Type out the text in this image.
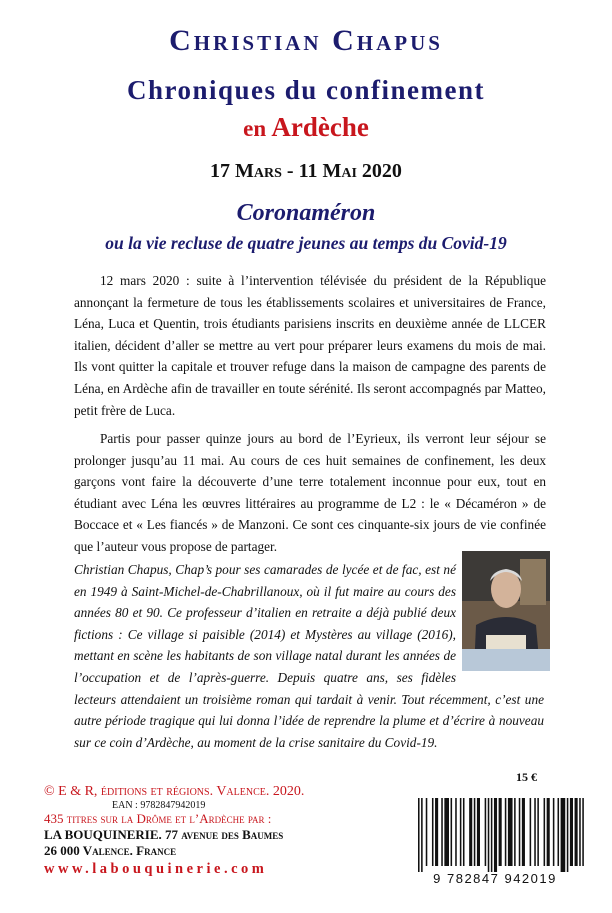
Christian Chapus
Chroniques du confinement
en Ardèche
17 Mars - 11 Mai 2020
Coronaméron
ou la vie recluse de quatre jeunes au temps du Covid-19

12 mars 2020 : suite à l’intervention télévisée du président de la République annonçant la fermeture de tous les établissements scolaires et universitaires de France, Léna, Luca et Quentin, trois étudiants parisiens inscrits en deuxième année de LLCER italien, décident d’aller se mettre au vert pour préparer leurs examens du mois de mai. Ils vont quitter la capitale et trouver refuge dans la maison de campagne des parents de Léna, en Ardèche afin de travailler en toute sérénité. Ils seront accompagnés par Matteo, petit frère de Luca.

Partis pour passer quinze jours au bord de l’Eyrieux, ils verront leur séjour se prolonger jusqu’au 11 mai. Au cours de ces huit semaines de confinement, les deux garçons vont faire la découverte d’une terre totalement inconnue pour eux, tout en étudiant avec Léna les œuvres littéraires au programme de L2 : le « Décaméron » de Boccace et « Les fiancés » de Manzoni. Ce sont ces cinquante-six jours de vie confinée que l’auteur vous propose de partager.

Christian Chapus, Chap’s pour ses camarades de lycée et de fac, est né en 1949 à Saint-Michel-de-Chabrillanoux, où il fut maire au cours des années 80 et 90. Ce professeur d’italien en retraite a déjà publié deux fictions : Ce village si paisible (2014) et Mystères au village (2016), mettant en scène les habitants de son village natal durant les années de l’occupation et de l’après-guerre. Depuis quatre ans, ses fidèles lecteurs attendaient un troisième roman qui tardait à venir. Tout récemment, c’est une autre période tragique qui lui donna l’idée de reprendre la plume et d’écrire à nouveau sur ce coin d’Ardèche, au moment de la crise sanitaire du Covid-19.
© E & R, éditions et régions. Valence. 2020.
EAN : 9782847942019
435 titres sur la Drôme et l’Ardèche par :
LA BOUQUINERIE. 77 avenue des Baumes
26 000 Valence. France
www.labouquinerie.com
15 €
9 782847 942019
